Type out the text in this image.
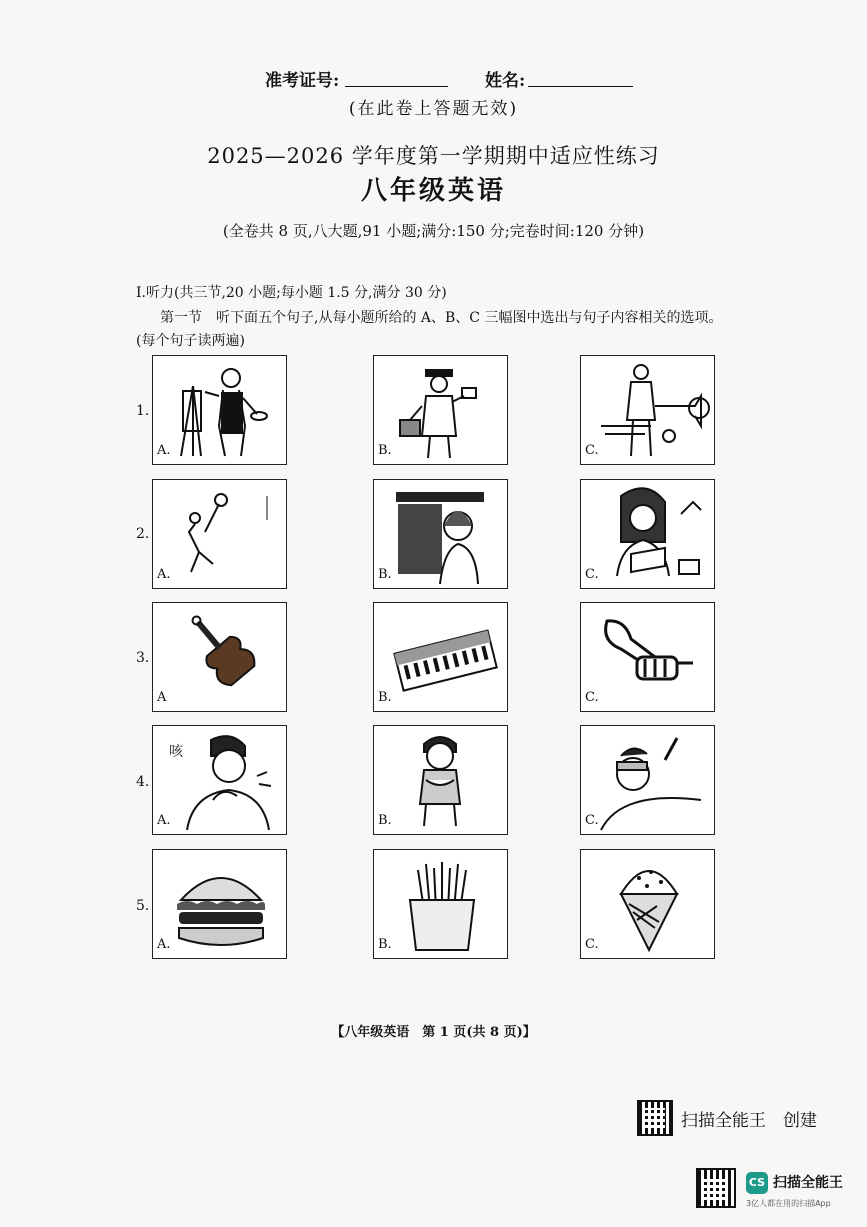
准考证号:	姓名:
(在此卷上答题无效)
2025—2026 学年度第一学期期中适应性练习
八年级英语
(全卷共 8 页,八大题,91 小题;满分:150 分;完卷时间:120 分钟)
Ⅰ.听力(共三节,20 小题;每小题 1.5 分,满分 30 分)
第一节　听下面五个句子,从每小题所给的 A、B、C 三幅图中选出与句子内容相关的选项。
(每个句子读两遍)
1.
2.
3.
4.
5.
A.	B.	C.
A.	B.	C.
A	B.	C.
咳
A.	B.	C.
A.	B.	C.
【八年级英语　第 1 页(共 8 页)】
扫描全能王　创建
CS 扫描全能王
3亿人都在用的扫描App
